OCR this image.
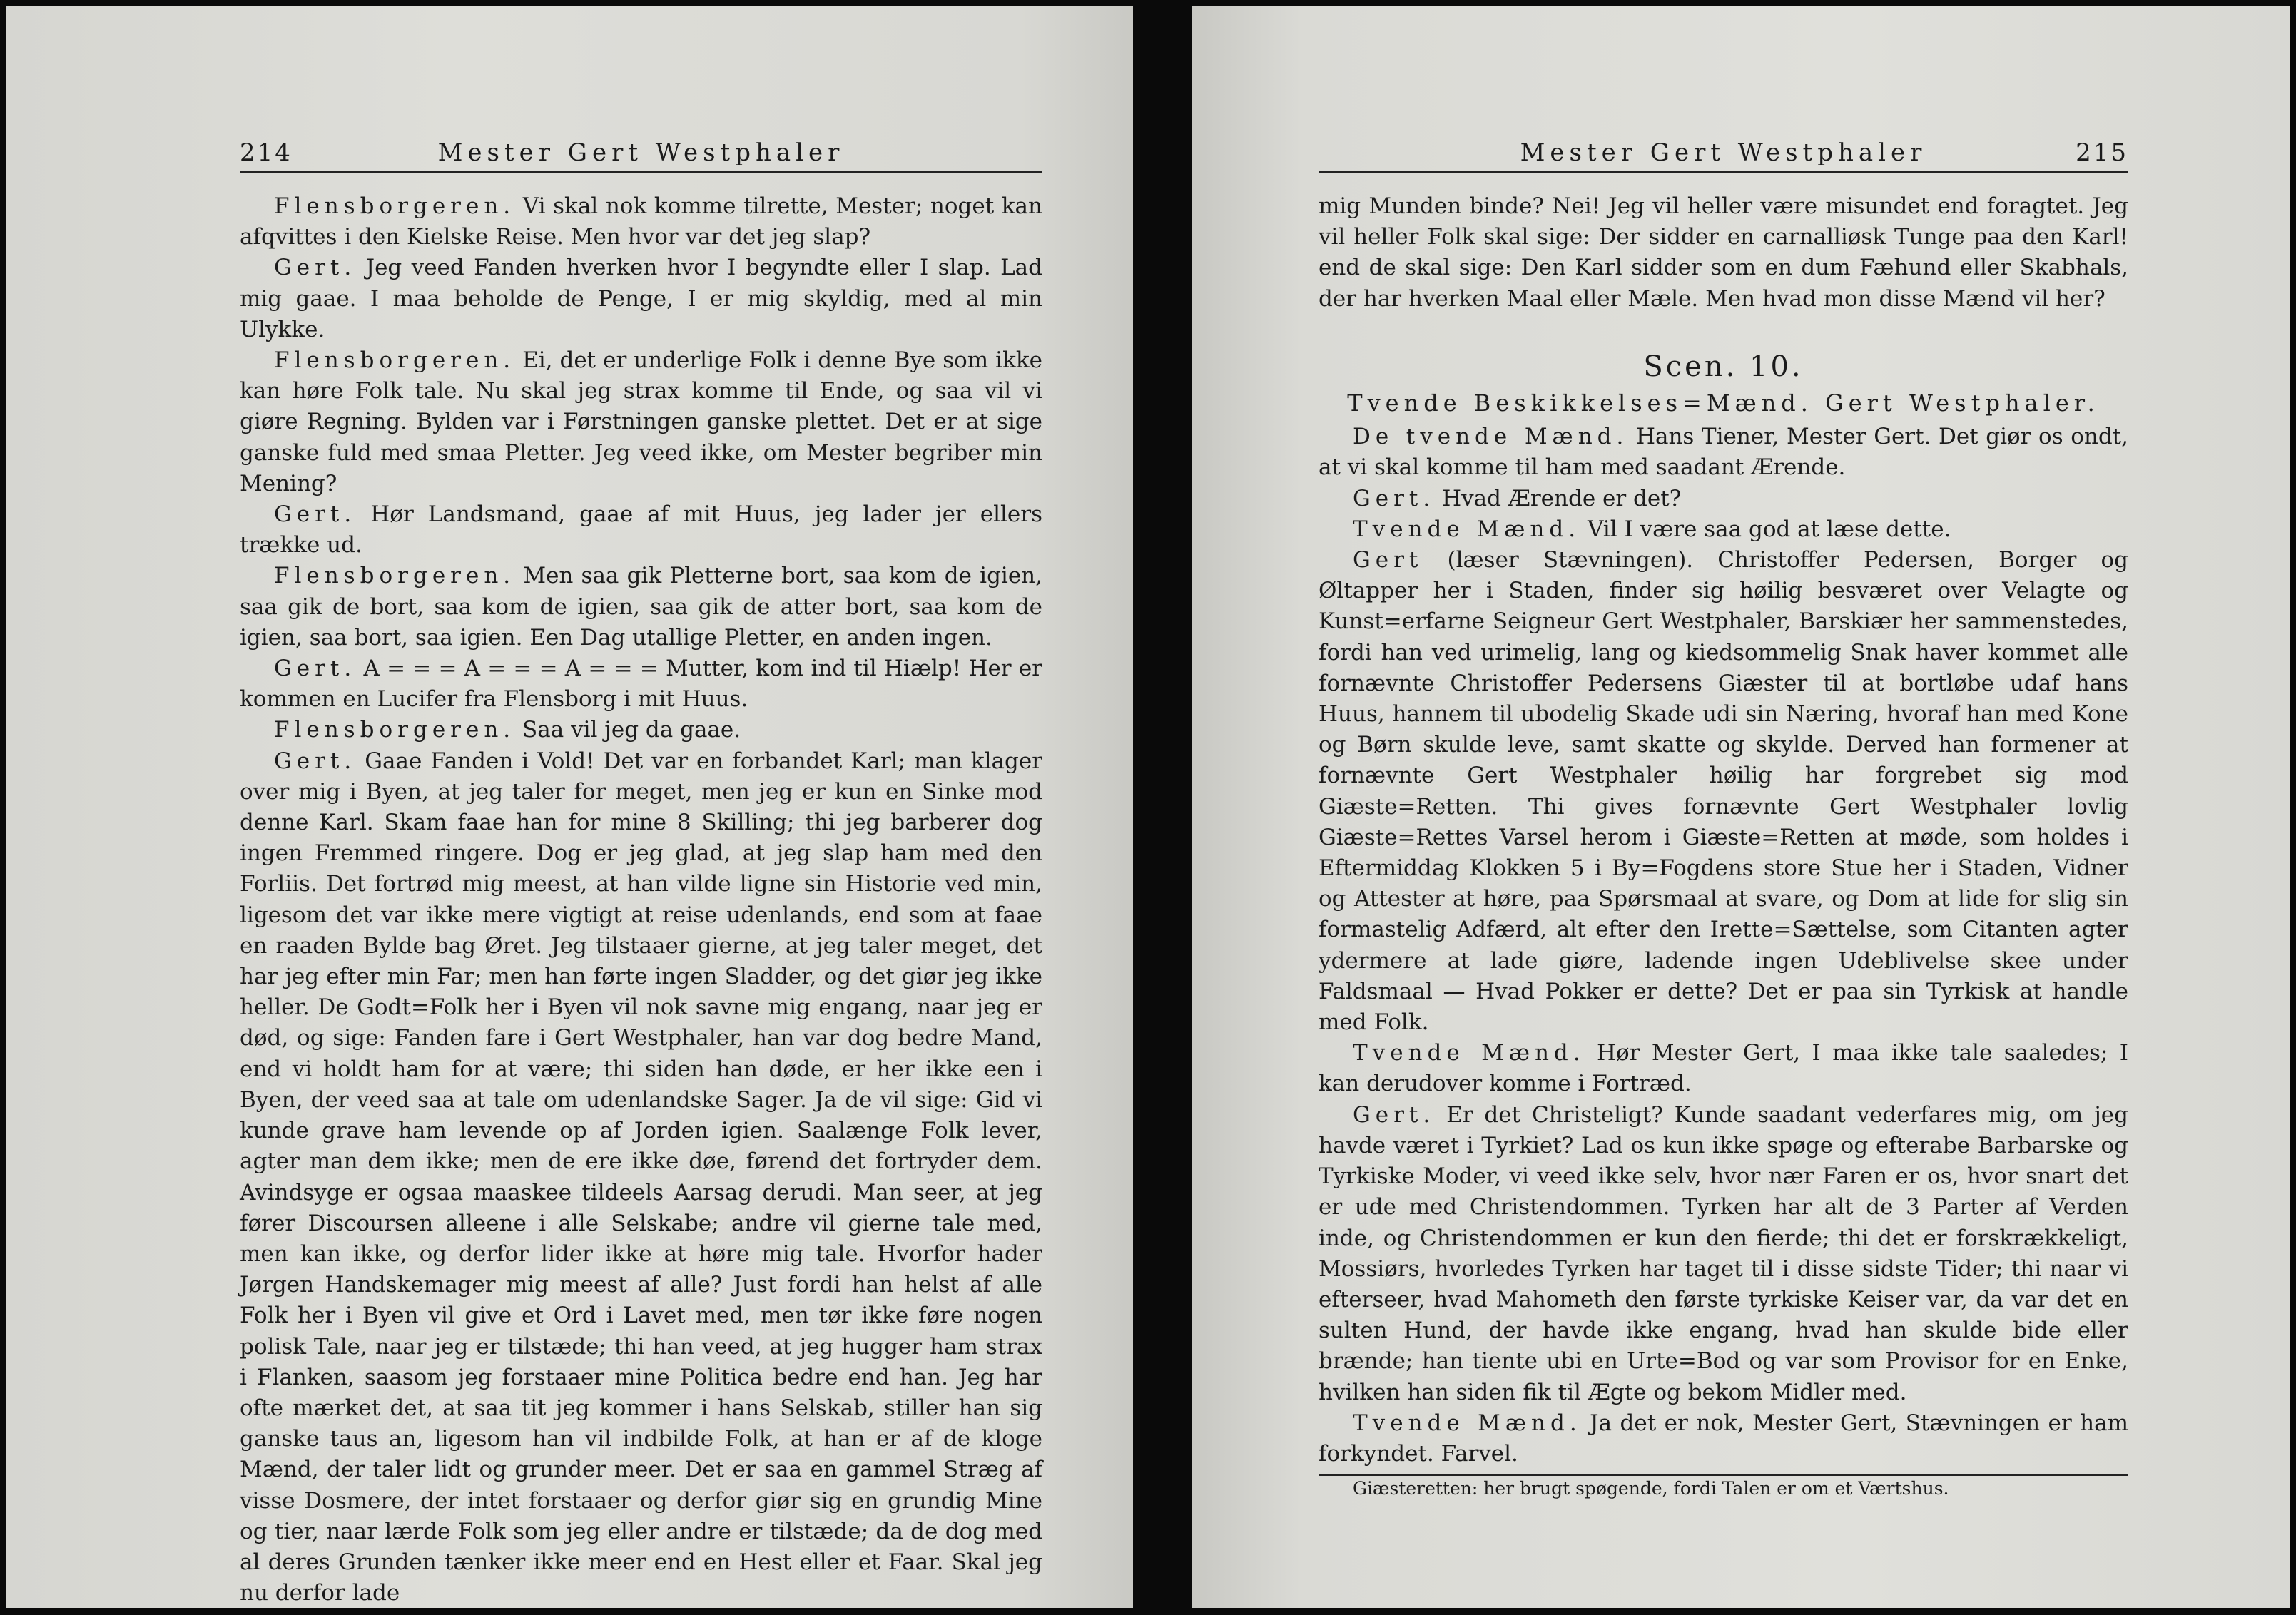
214	Mester Gert Westphaler

Flensborgeren. Vi skal nok komme tilrette, Mester; noget kan afqvittes i den Kielske Reise. Men hvor var det jeg slap?

Gert. Jeg veed Fanden hverken hvor I begyndte eller I slap. Lad mig gaae. I maa beholde de Penge, I er mig skyldig, med al min Ulykke.

Flensborgeren. Ei, det er underlige Folk i denne Bye som ikke kan høre Folk tale. Nu skal jeg strax komme til Ende, og saa vil vi giøre Regning. Bylden var i Førstningen ganske plettet. Det er at sige ganske fuld med smaa Pletter. Jeg veed ikke, om Mester begriber min Mening?

Gert. Hør Landsmand, gaae af mit Huus, jeg lader jer ellers trække ud.

Flensborgeren. Men saa gik Pletterne bort, saa kom de igien, saa gik de bort, saa kom de igien, saa gik de atter bort, saa kom de igien, saa bort, saa igien. Een Dag utallige Pletter, en anden ingen.

Gert. A = = = A = = = A = = = Mutter, kom ind til Hiælp! Her er kommen en Lucifer fra Flensborg i mit Huus.

Flensborgeren. Saa vil jeg da gaae.

Gert. Gaae Fanden i Vold! Det var en forbandet Karl; man klager over mig i Byen, at jeg taler for meget, men jeg er kun en Sinke mod denne Karl. Skam faae han for mine 8 Skilling; thi jeg barberer dog ingen Fremmed ringere. Dog er jeg glad, at jeg slap ham med den Forliis. Det fortrød mig meest, at han vilde ligne sin Historie ved min, ligesom det var ikke mere vigtigt at reise udenlands, end som at faae en raaden Bylde bag Øret. Jeg tilstaaer gierne, at jeg taler meget, det har jeg efter min Far; men han førte ingen Sladder, og det giør jeg ikke heller. De Godt=Folk her i Byen vil nok savne mig engang, naar jeg er død, og sige: Fanden fare i Gert Westphaler, han var dog bedre Mand, end vi holdt ham for at være; thi siden han døde, er her ikke een i Byen, der veed saa at tale om udenlandske Sager. Ja de vil sige: Gid vi kunde grave ham levende op af Jorden igien. Saalænge Folk lever, agter man dem ikke; men de ere ikke døe, førend det fortryder dem. Avindsyge er ogsaa maaskee tildeels Aarsag derudi. Man seer, at jeg fører Discoursen alleene i alle Selskabe; andre vil gierne tale med, men kan ikke, og derfor lider ikke at høre mig tale. Hvorfor hader Jørgen Handskemager mig meest af alle? Just fordi han helst af alle Folk her i Byen vil give et Ord i Lavet med, men tør ikke føre nogen polisk Tale, naar jeg er tilstæde; thi han veed, at jeg hugger ham strax i Flanken, saasom jeg forstaaer mine Politica bedre end han. Jeg har ofte mærket det, at saa tit jeg kommer i hans Selskab, stiller han sig ganske taus an, ligesom han vil indbilde Folk, at han er af de kloge Mænd, der taler lidt og grunder meer. Det er saa en gammel Stræg af visse Dosmere, der intet forstaaer og derfor giør sig en grundig Mine og tier, naar lærde Folk som jeg eller andre er tilstæde; da de dog med al deres Grunden tænker ikke meer end en Hest eller et Faar. Skal jeg nu derfor lade

Mester Gert Westphaler	215

mig Munden binde? Nei! Jeg vil heller være misundet end foragtet. Jeg vil heller Folk skal sige: Der sidder en carnalliøsk Tunge paa den Karl! end de skal sige: Den Karl sidder som en dum Fæhund eller Skabhals, der har hverken Maal eller Mæle. Men hvad mon disse Mænd vil her?

Scen. 10.
Tvende Beskikkelses=Mænd. Gert Westphaler.

De tvende Mænd. Hans Tiener, Mester Gert. Det giør os ondt, at vi skal komme til ham med saadant Ærende.

Gert. Hvad Ærende er det?

Tvende Mænd. Vil I være saa god at læse dette.

Gert (læser Stævningen). Christoffer Pedersen, Borger og Øltapper her i Staden, finder sig høilig besværet over Velagte og Kunst=erfarne Seigneur Gert Westphaler, Barskiær her sammenstedes, fordi han ved urimelig, lang og kiedsommelig Snak haver kommet alle fornævnte Christoffer Pedersens Giæster til at bortløbe udaf hans Huus, hannem til ubodelig Skade udi sin Næring, hvoraf han med Kone og Børn skulde leve, samt skatte og skylde. Derved han formener at fornævnte Gert Westphaler høilig har forgrebet sig mod Giæste=Retten. Thi gives fornævnte Gert Westphaler lovlig Giæste=Rettes Varsel herom i Giæste=Retten at møde, som holdes i Eftermiddag Klokken 5 i By=Fogdens store Stue her i Staden, Vidner og Attester at høre, paa Spørsmaal at svare, og Dom at lide for slig sin formastelig Adfærd, alt efter den Irette=Sættelse, som Citanten agter ydermere at lade giøre, ladende ingen Udeblivelse skee under Faldsmaal — Hvad Pokker er dette? Det er paa sin Tyrkisk at handle med Folk.

Tvende Mænd. Hør Mester Gert, I maa ikke tale saaledes; I kan derudover komme i Fortræd.

Gert. Er det Christeligt? Kunde saadant vederfares mig, om jeg havde været i Tyrkiet? Lad os kun ikke spøge og efterabe Barbarske og Tyrkiske Moder, vi veed ikke selv, hvor nær Faren er os, hvor snart det er ude med Christendommen. Tyrken har alt de 3 Parter af Verden inde, og Christendommen er kun den fierde; thi det er forskrækkeligt, Mossiørs, hvorledes Tyrken har taget til i disse sidste Tider; thi naar vi efterseer, hvad Mahometh den første tyrkiske Keiser var, da var det en sulten Hund, der havde ikke engang, hvad han skulde bide eller brænde; han tiente ubi en Urte=Bod og var som Provisor for en Enke, hvilken han siden fik til Ægte og bekom Midler med.

Tvende Mænd. Ja det er nok, Mester Gert, Stævningen er ham forkyndet. Farvel.

Giæsteretten: her brugt spøgende, fordi Talen er om et Værtshus.
